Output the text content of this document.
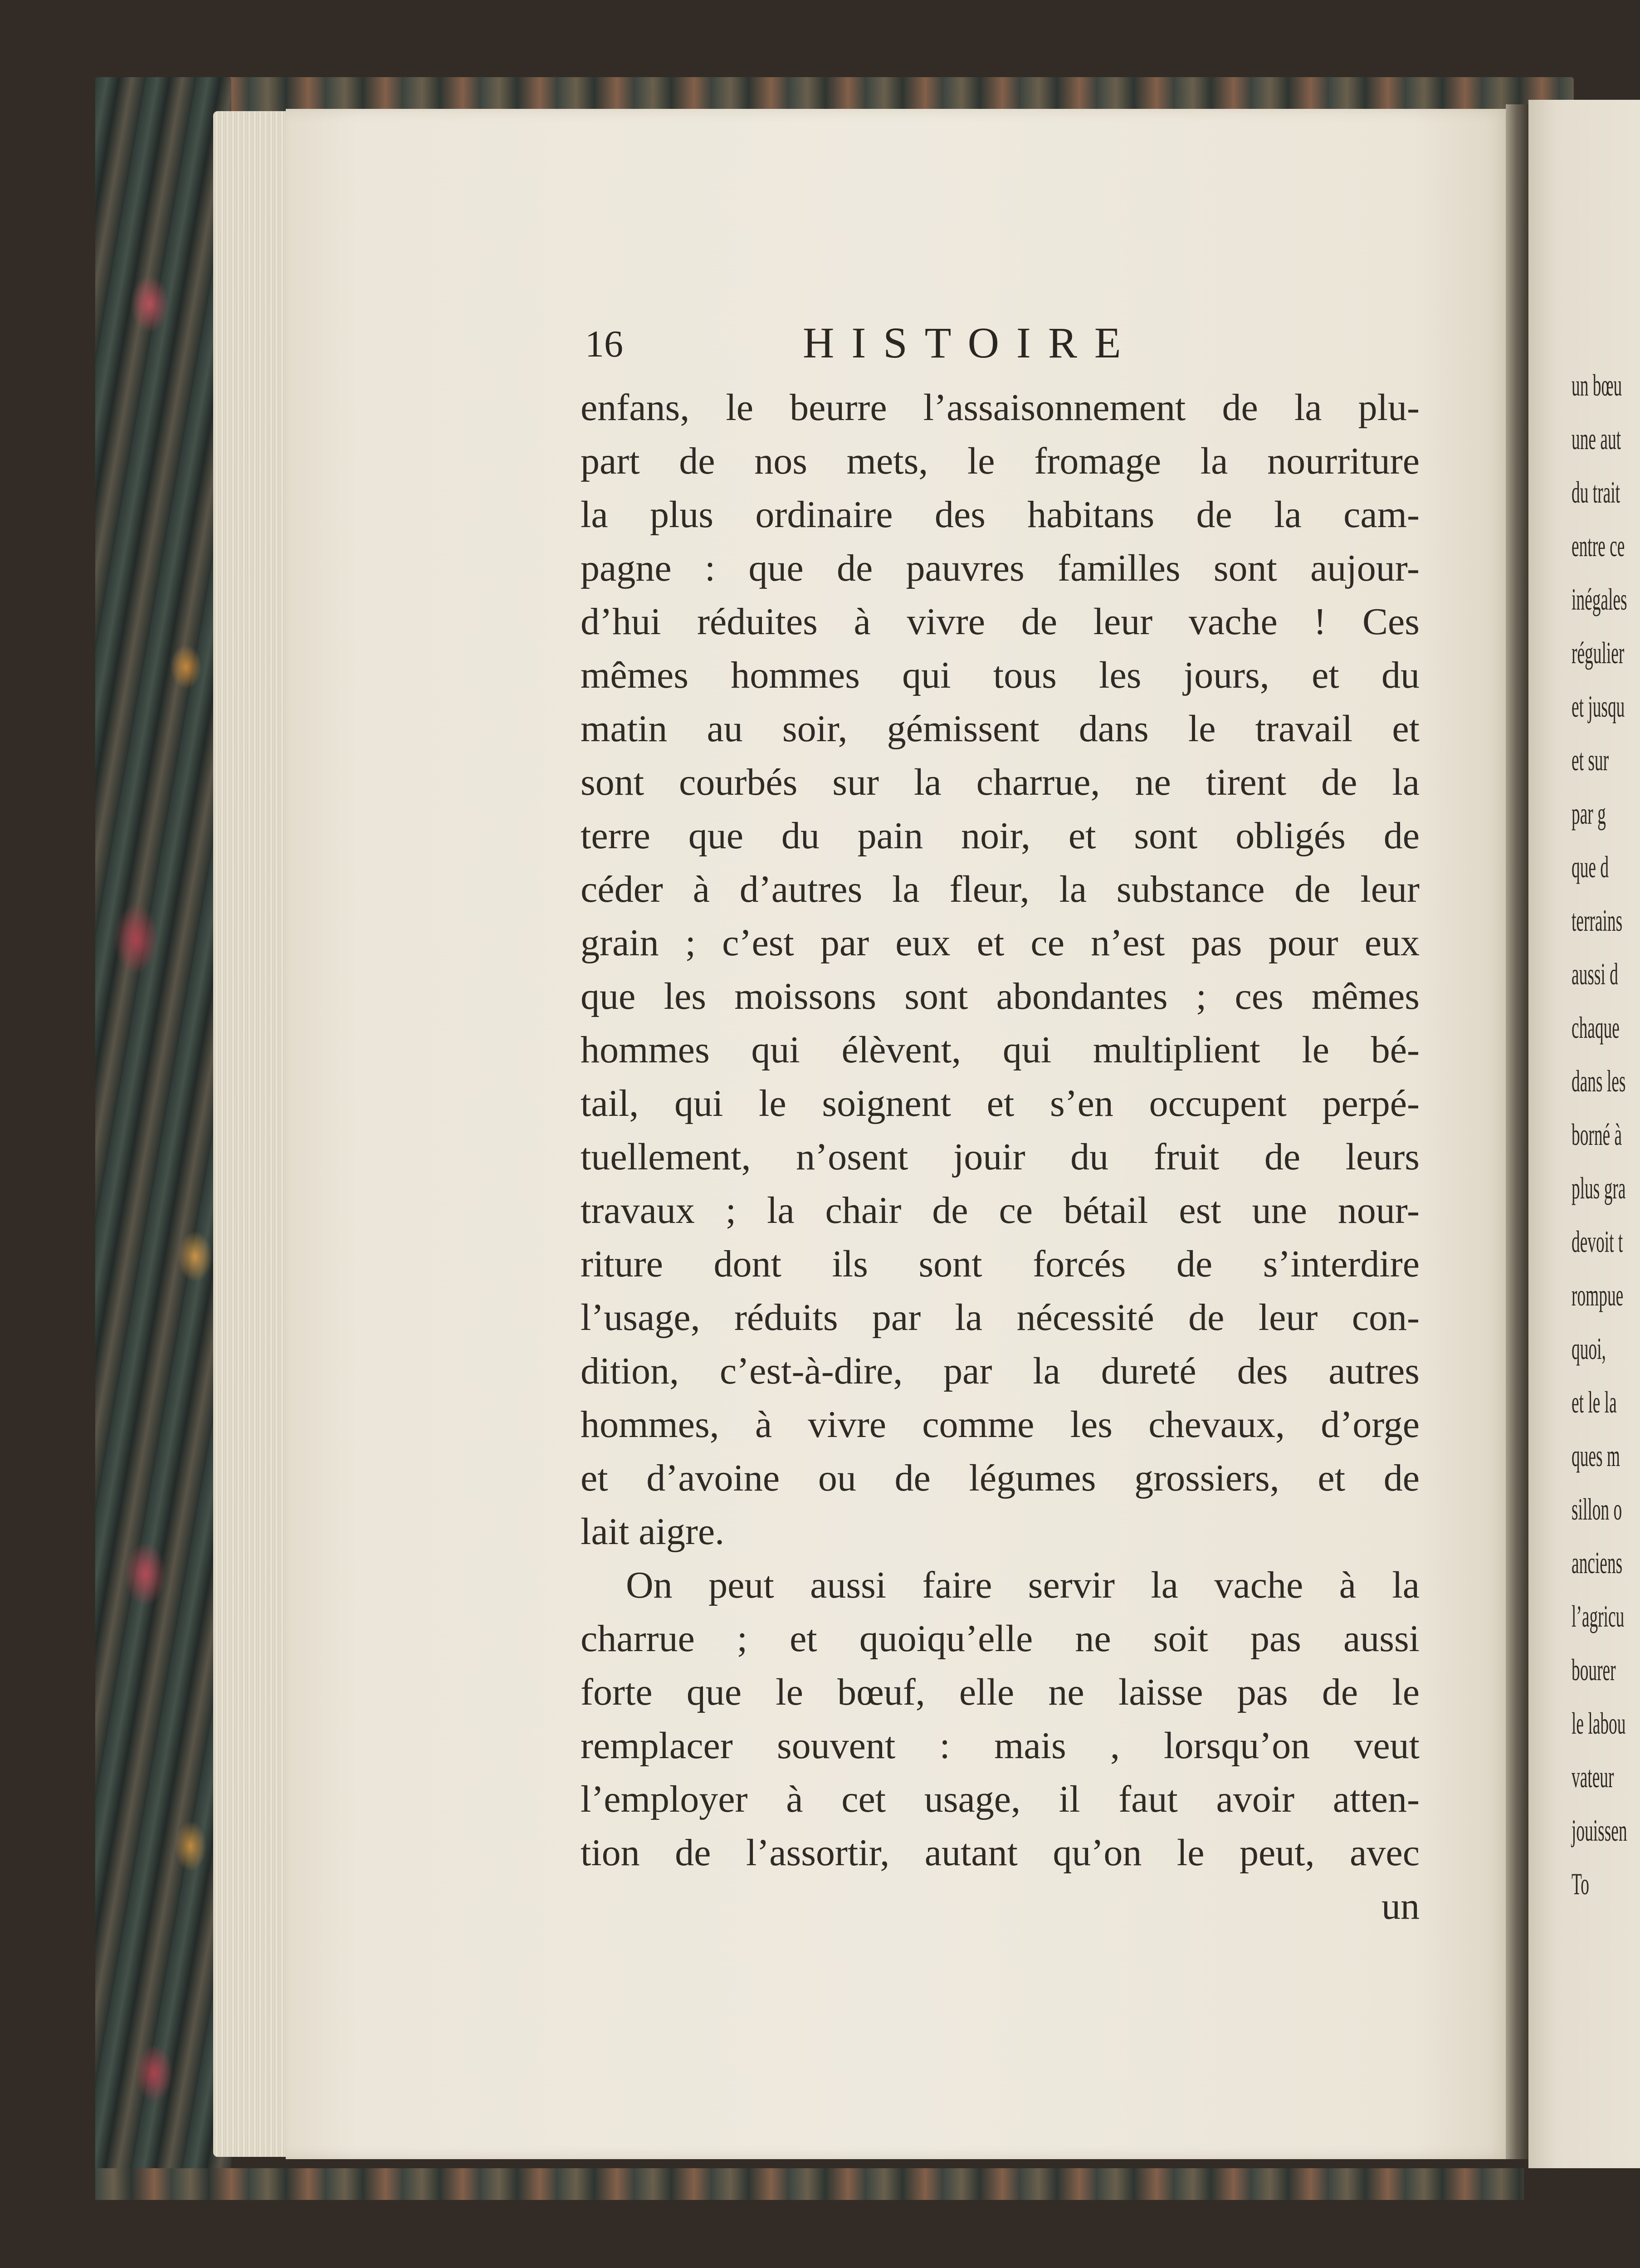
16	HISTOIRE
enfans, le beurre l’assaisonnement de la plu-
part de nos mets, le fromage la nourriture
la plus ordinaire des habitans de la cam-
pagne : que de pauvres familles sont aujour-
d’hui réduites à vivre de leur vache ! Ces
mêmes hommes qui tous les jours, et du
matin au soir, gémissent dans le travail et
sont courbés sur la charrue, ne tirent de la
terre que du pain noir, et sont obligés de
céder à d’autres la fleur, la substance de leur
grain ; c’est par eux et ce n’est pas pour eux
que les moissons sont abondantes ; ces mêmes
hommes qui élèvent, qui multiplient le bé-
tail, qui le soignent et s’en occupent perpé-
tuellement, n’osent jouir du fruit de leurs
travaux ; la chair de ce bétail est une nour-
riture dont ils sont forcés de s’interdire
l’usage, réduits par la nécessité de leur con-
dition, c’est-à-dire, par la dureté des autres
hommes, à vivre comme les chevaux, d’orge
et d’avoine ou de légumes grossiers, et de
lait aigre.
On peut aussi faire servir la vache à la
charrue ; et quoiqu’elle ne soit pas aussi
forte que le bœuf, elle ne laisse pas de le
remplacer souvent : mais , lorsqu’on veut
l’employer à cet usage, il faut avoir atten-
tion de l’assortir, autant qu’on le peut, avec
un
un bœu
une aut
du trait
entre ce
inégales
régulier
et jusqu
et sur
par g
que d
terrains
aussi d
chaque
dans les
borné à
plus gra
devoit t
rompue
quoi,
et le la
ques m
sillon o
anciens
l’agricu
bourer
le labou
vateur
jouissen
To
